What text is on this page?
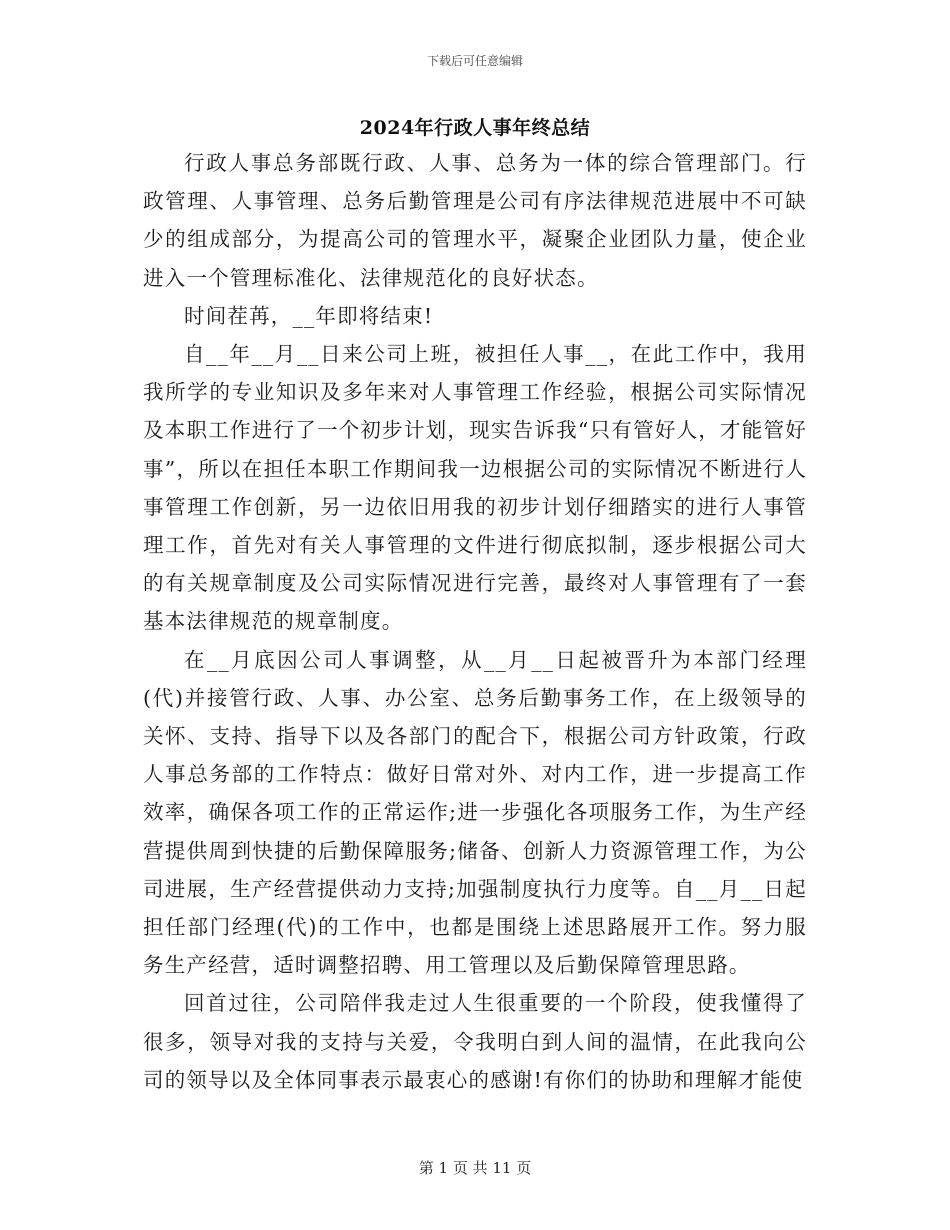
下载后可任意编辑
2024年行政人事年终总结

行政人事总务部既行政、人事、总务为一体的综合管理部门。行政管理、人事管理、总务后勤管理是公司有序法律规范进展中不可缺少的组成部分，为提高公司的管理水平，凝聚企业团队力量，使企业进入一个管理标准化、法律规范化的良好状态。

时间茬苒，__年即将结束!

自__年__月__日来公司上班，被担任人事__，在此工作中，我用我所学的专业知识及多年来对人事管理工作经验，根据公司实际情况及本职工作进行了一个初步计划，现实告诉我“只有管好人，才能管好事”，所以在担任本职工作期间我一边根据公司的实际情况不断进行人事管理工作创新，另一边依旧用我的初步计划仔细踏实的进行人事管理工作，首先对有关人事管理的文件进行彻底拟制，逐步根据公司大的有关规章制度及公司实际情况进行完善，最终对人事管理有了一套基本法律规范的规章制度。

在__月底因公司人事调整，从__月__日起被晋升为本部门经理(代)并接管行政、人事、办公室、总务后勤事务工作，在上级领导的关怀、支持、指导下以及各部门的配合下，根据公司方针政策，行政人事总务部的工作特点：做好日常对外、对内工作，进一步提高工作效率，确保各项工作的正常运作;进一步强化各项服务工作，为生产经营提供周到快捷的后勤保障服务;储备、创新人力资源管理工作，为公司进展，生产经营提供动力支持;加强制度执行力度等。自__月__日起担任部门经理(代)的工作中，也都是围绕上述思路展开工作。努力服务生产经营，适时调整招聘、用工管理以及后勤保障管理思路。

回首过往，公司陪伴我走过人生很重要的一个阶段，使我懂得了很多，领导对我的支持与关爱，令我明白到人间的温情，在此我向公司的领导以及全体同事表示最衷心的感谢!有你们的协助和理解才能使

第 1 页 共 11 页
